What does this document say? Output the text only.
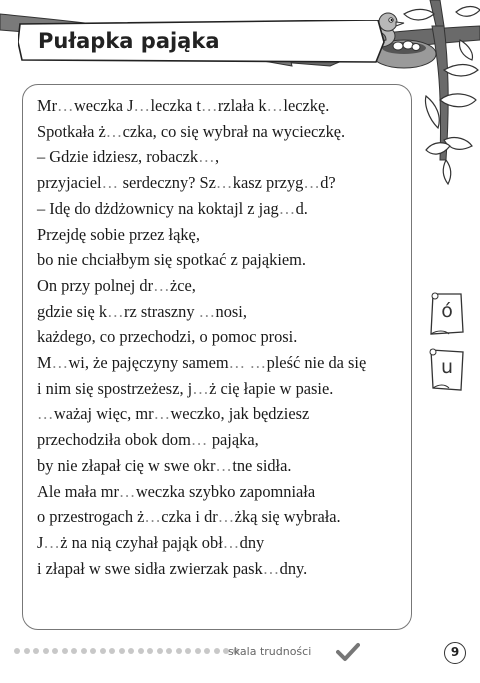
Pułapka pająka
Mr…weczka J…leczka t…rzlała k…leczkę.
Spotkała ż…czka, co się wybrał na wycieczkę.
– Gdzie idziesz, robaczk…,
przyjaciel… serdeczny? Sz…kasz przyg…d?
– Idę do dżdżownicy na koktajl z jag…d.
Przejdę sobie przez łąkę,
bo nie chciałbym się spotkać z pająkiem.
On przy polnej dr…żce,
gdzie się k…rz straszny …nosi,
każdego, co przechodzi, o pomoc prosi.
M…wi, że pajęczyny samem… …pleść nie da się
i nim się spostrzeżesz, j…ż cię łapie w pasie.
…ważaj więc, mr…weczko, jak będziesz
przechodziła obok dom… pająka,
by nie złapał cię w swe okr…tne sidła.
Ale mała mr…weczka szybko zapomniała
o przestrogach ż…czka i dr…żką się wybrała.
J…ż na nią czyhał pająk obł…dny
i złapał w swe sidła zwierzak pask…dny.
ó
u
skala trudności	9
